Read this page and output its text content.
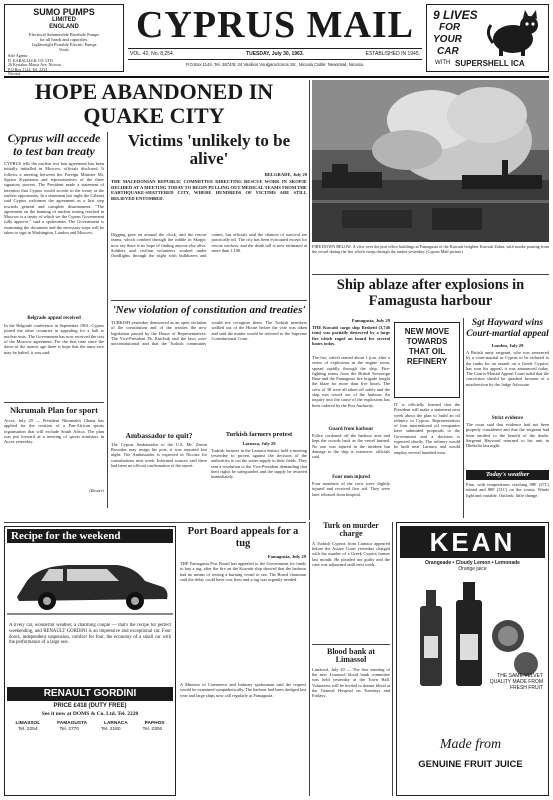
SUMO PUMPS
LIMITED
ENGLAND
Electrical Submersible Borehole Pumps
for all heads and capacities.
Lightweight Portable Electric Pumps
Units
Sole Agents:
D. KARALLIS & CO. LTD
26 Kyriakos Matsis Ave, Nicosia
P.O.Box 1124, Tel. 2254
Nicosia
CYPRUS MAIL
VOL. 42, No. 8,254.	TUESDAY, July 30, 1963.	ESTABLISHED IN 1945.
P.O.Box 1144, Tel. 2874/5; 24 Vasilios Voulgaroctonos Str., Nicosia Cable: Newsmail, Nicosia.
9 LIVES
FOR
YOUR
CAR
WITH SUPERSHELL ICA
HOPE ABANDONED IN QUAKE CITY
Cyprus will accede to test ban treaty
CYPRUS tells the nuclear test ban agreement has been initially initialled in Moscow, officials disclosed. It follows a meeting between the Foreign Minister Mr. Spyros Kyprianou and representatives of the three signatory powers. The President made a statement of intention that Cyprus would accede to the treaty at the earliest opportunity. In a statement last night the Cabinet said Cyprus welcomes the agreement as a first step towards general and complete disarmament. "The agreement on the banning of nuclear testing reached in Moscow is a treaty of which we the Cyprus Government fully approve," said a spokesman. The Government is examining the document and the necessary steps will be taken to sign in Washington, London and Moscow.
Belgrade appeal received
In the Belgrade conference in September 1961, Cyprus joined the other countries in appealing for a halt to nuclear tests. The Government has now received the text of the Moscow agreement. For the first time since the dawn of the atomic age there is hope that the arms race may be halted, it was said.
Nkrumah Plan for sport
Accra, July 29 — President Nkrumah's Ghana has applied for the creation of a Pan-African sports organisation that will exclude South Africa. The plan was put forward at a meeting of sports ministers in Accra yesterday.
(Reuter)
Victims 'unlikely to be alive'
BELGRADE, July 29
THE MACEDONIAN REPUBLIC COMMITTEE DIRECTING RESCUE WORK IN SKOPJE DECIDED AT A MEETING TODAY TO BEGIN PULLING OUT MEDICAL TEAMS FROM THE EARTHQUAKE-SHATTERED CITY, WHERE HUNDREDS OF VICTIMS ARE STILL BELIEVED ENTOMBED.
Digging goes on around the clock, and the rescue teams, which combed through the rubble in Skopje, now say there is no hope of finding anyone else alive. Soldiers and civilian volunteers worked under floodlights through the night with bulldozers and cranes, but officials said the chances of survival are practically nil. The city has been evacuated except for rescue workers, and the death toll is now estimated at more than 1,100.
'New violation of constitution and treaties'
TURKISH yesterday denounced as an open violation of the constitution and of the treaties the new legislation passed by the House of Representatives. The Vice-President Dr. Kutchuk said the laws were unconstitutional and that the Turkish community would not recognise them. The Turkish members walked out of the House before the vote was taken and said the matter would be referred to the Supreme Constitutional Court.
Ambassador to quit?
The Cyprus Ambassador to the U.S. Mr. Zenon Rossides may resign his post, it was reported last night. The Ambassador is expected in Nicosia for consultations next week. Informed sources said there had been no official confirmation of the report.
Turkish farmers protest
Larnaca, July 29
Turkish farmers in the Larnaca district held a meeting yesterday to protest against the decision of the authorities to cut the water supply to their fields. They sent a resolution to the Vice-President demanding that their rights be safeguarded and the supply be restored immediately.
FIRE DOWN BELOW. A view over the port office buildings at Famagusta of the Kuwaiti freighter Kuwaiti Zahra, with smoke pouring from the vessel during the fire which swept through the tanker yesterday. (Cyprus Mail picture)
Ship ablaze after explosions in Famagusta harbour
Famagusta, July 29
THE Kuwaiti cargo ship Reshetti (3,746 tons) was partially destroyed by a large fire which raged on board for several hours today.
The fire, which started about 1 p.m. after a series of explosions in the engine room, spread rapidly through the ship. Fire-fighting teams from the British Sovereign Base and the Famagusta fire brigade fought the blaze for more than five hours. The crew of 38 were all taken off safely and the ship was towed out of the harbour. An inquiry into the cause of the explosions has been ordered by the Port Authority.
Guard from harbour
Police cordoned off the harbour area and kept the crowds back as the vessel burned. No one was injured in the incident but damage to the ship is extensive, officials said.
Four men injured
Four members of the crew were slightly injured and received first aid. They were later released from hospital.
NEW MOVE TOWARDS THAT OIL REFINERY
IT is officially learned that the President will make a statement next week about the plan to build an oil refinery in Cyprus. Representatives of four international oil companies have submitted proposals to the Government and a decision is expected shortly. The refinery would be built near Larnaca and would employ several hundred men.
Sgt Hayward wins Court-martial appeal
London, July 29
A British army sergeant, who was sentenced by a court-martial in Cyprus to be reduced to the ranks for an assault on a Greek Cypriot, has won his appeal, it was announced today. The Courts-Martial Appeal Court ruled that the conviction should be quashed because of a misdirection by the Judge Advocate.
Strict evidence
The court said that evidence had not been properly considered and that the sergeant had been entitled to the benefit of the doubt. Sergeant Hayward returned to his unit in Dhekelia last night.
Today's weather
Fine, with temperatures reaching 98F (37C) inland and 88F (31C) on the coasts. Winds light and variable. Outlook: little change.
Recipe for the weekend
A lively car, wonderful weather, a charming couple — that's the recipe for perfect weekending, and RENAULT GORDINI is an impressive and exceptional car. Four doors, independent suspension, comfort for four, the economy of a small car with the performance of a large one.
RENAULT GORDINI
PRICE £418 (DUTY FREE)
See it now at DOMS & Co. Ltd. Tel. 2220
LIMASSOL	FAMAGUSTA	LARNACA	PAPHOS
Tel. 2254	Tel. 2770	Tel. 2180	Tel. 2306
Port Board appeals for a tug
Famagusta, July 29
THE Famagusta Port Board has appealed to the Government for funds to buy a tug, after the fire on the Kuwaiti ship showed that the harbour had no means of towing a burning vessel to sea. The Board chairman said the delay could have cost lives and a tug was urgently needed.
A Minister of Commerce and Industry spokesman said the request would be examined sympathetically. The harbour had been dredged last year and large ships now call regularly at Famagusta.
Turk on murder charge
A Turkish Cypriot from Larnaca appeared before the Assize Court yesterday charged with the murder of a Greek Cypriot farmer last month. He pleaded not guilty and the case was adjourned until next week.
Blood bank at Limassol
Limassol, July 29 — The first meeting of the new Limassol blood bank committee was held yesterday at the Town Hall. Volunteers will be invited to donate blood at the General Hospital on Tuesdays and Fridays.
KEAN
Orangeade • Cloudy Lemon • Lemonade
Orange juice
THE SAME VELVET QUALITY MADE FROM FRESH FRUIT
Made from
GENUINE FRUIT JUICE
